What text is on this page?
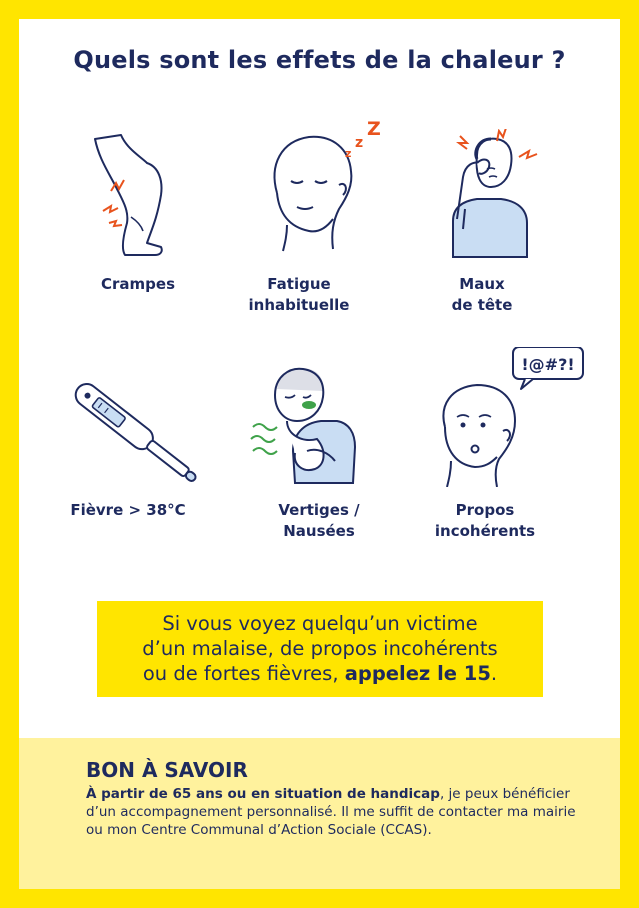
Quels sont les effets de la chaleur ?
z
z
Z
!@#?!
Crampes	Fatigue
inhabituelle
Maux
de tête
Fièvre > 38°C	Vertiges /
Nausées
Propos
incohérents
Si vous voyez quelqu’un victime
d’un malaise, de propos incohérents
ou de fortes fièvres, appelez le 15.
BON À SAVOIR
À partir de 65 ans ou en situation de handicap, je peux bénéficier d’un accompagnement personnalisé. Il me suffit de contacter ma mairie ou mon Centre Communal d’Action Sociale (CCAS).
